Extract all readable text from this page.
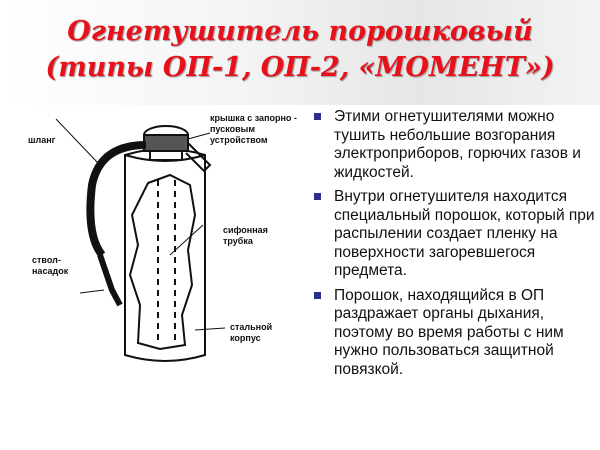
Огнетушитель порошковый
(типы ОП-1, ОП-2, «МОМЕНТ»)
крышка с запорно - пусковым устройством
шланг
сифонная трубка
ствол- насадок
стальной корпус
Этими огнетушителями можно тушить небольшие возгорания электроприборов, горючих газов и жидкостей.
Внутри огнетушителя находится специальный порошок, который при распылении создает пленку на поверхности загоревшегося предмета.
Порошок, находящийся в ОП раздражает органы дыхания, поэтому во время работы с ним нужно пользоваться защитной повязкой.
